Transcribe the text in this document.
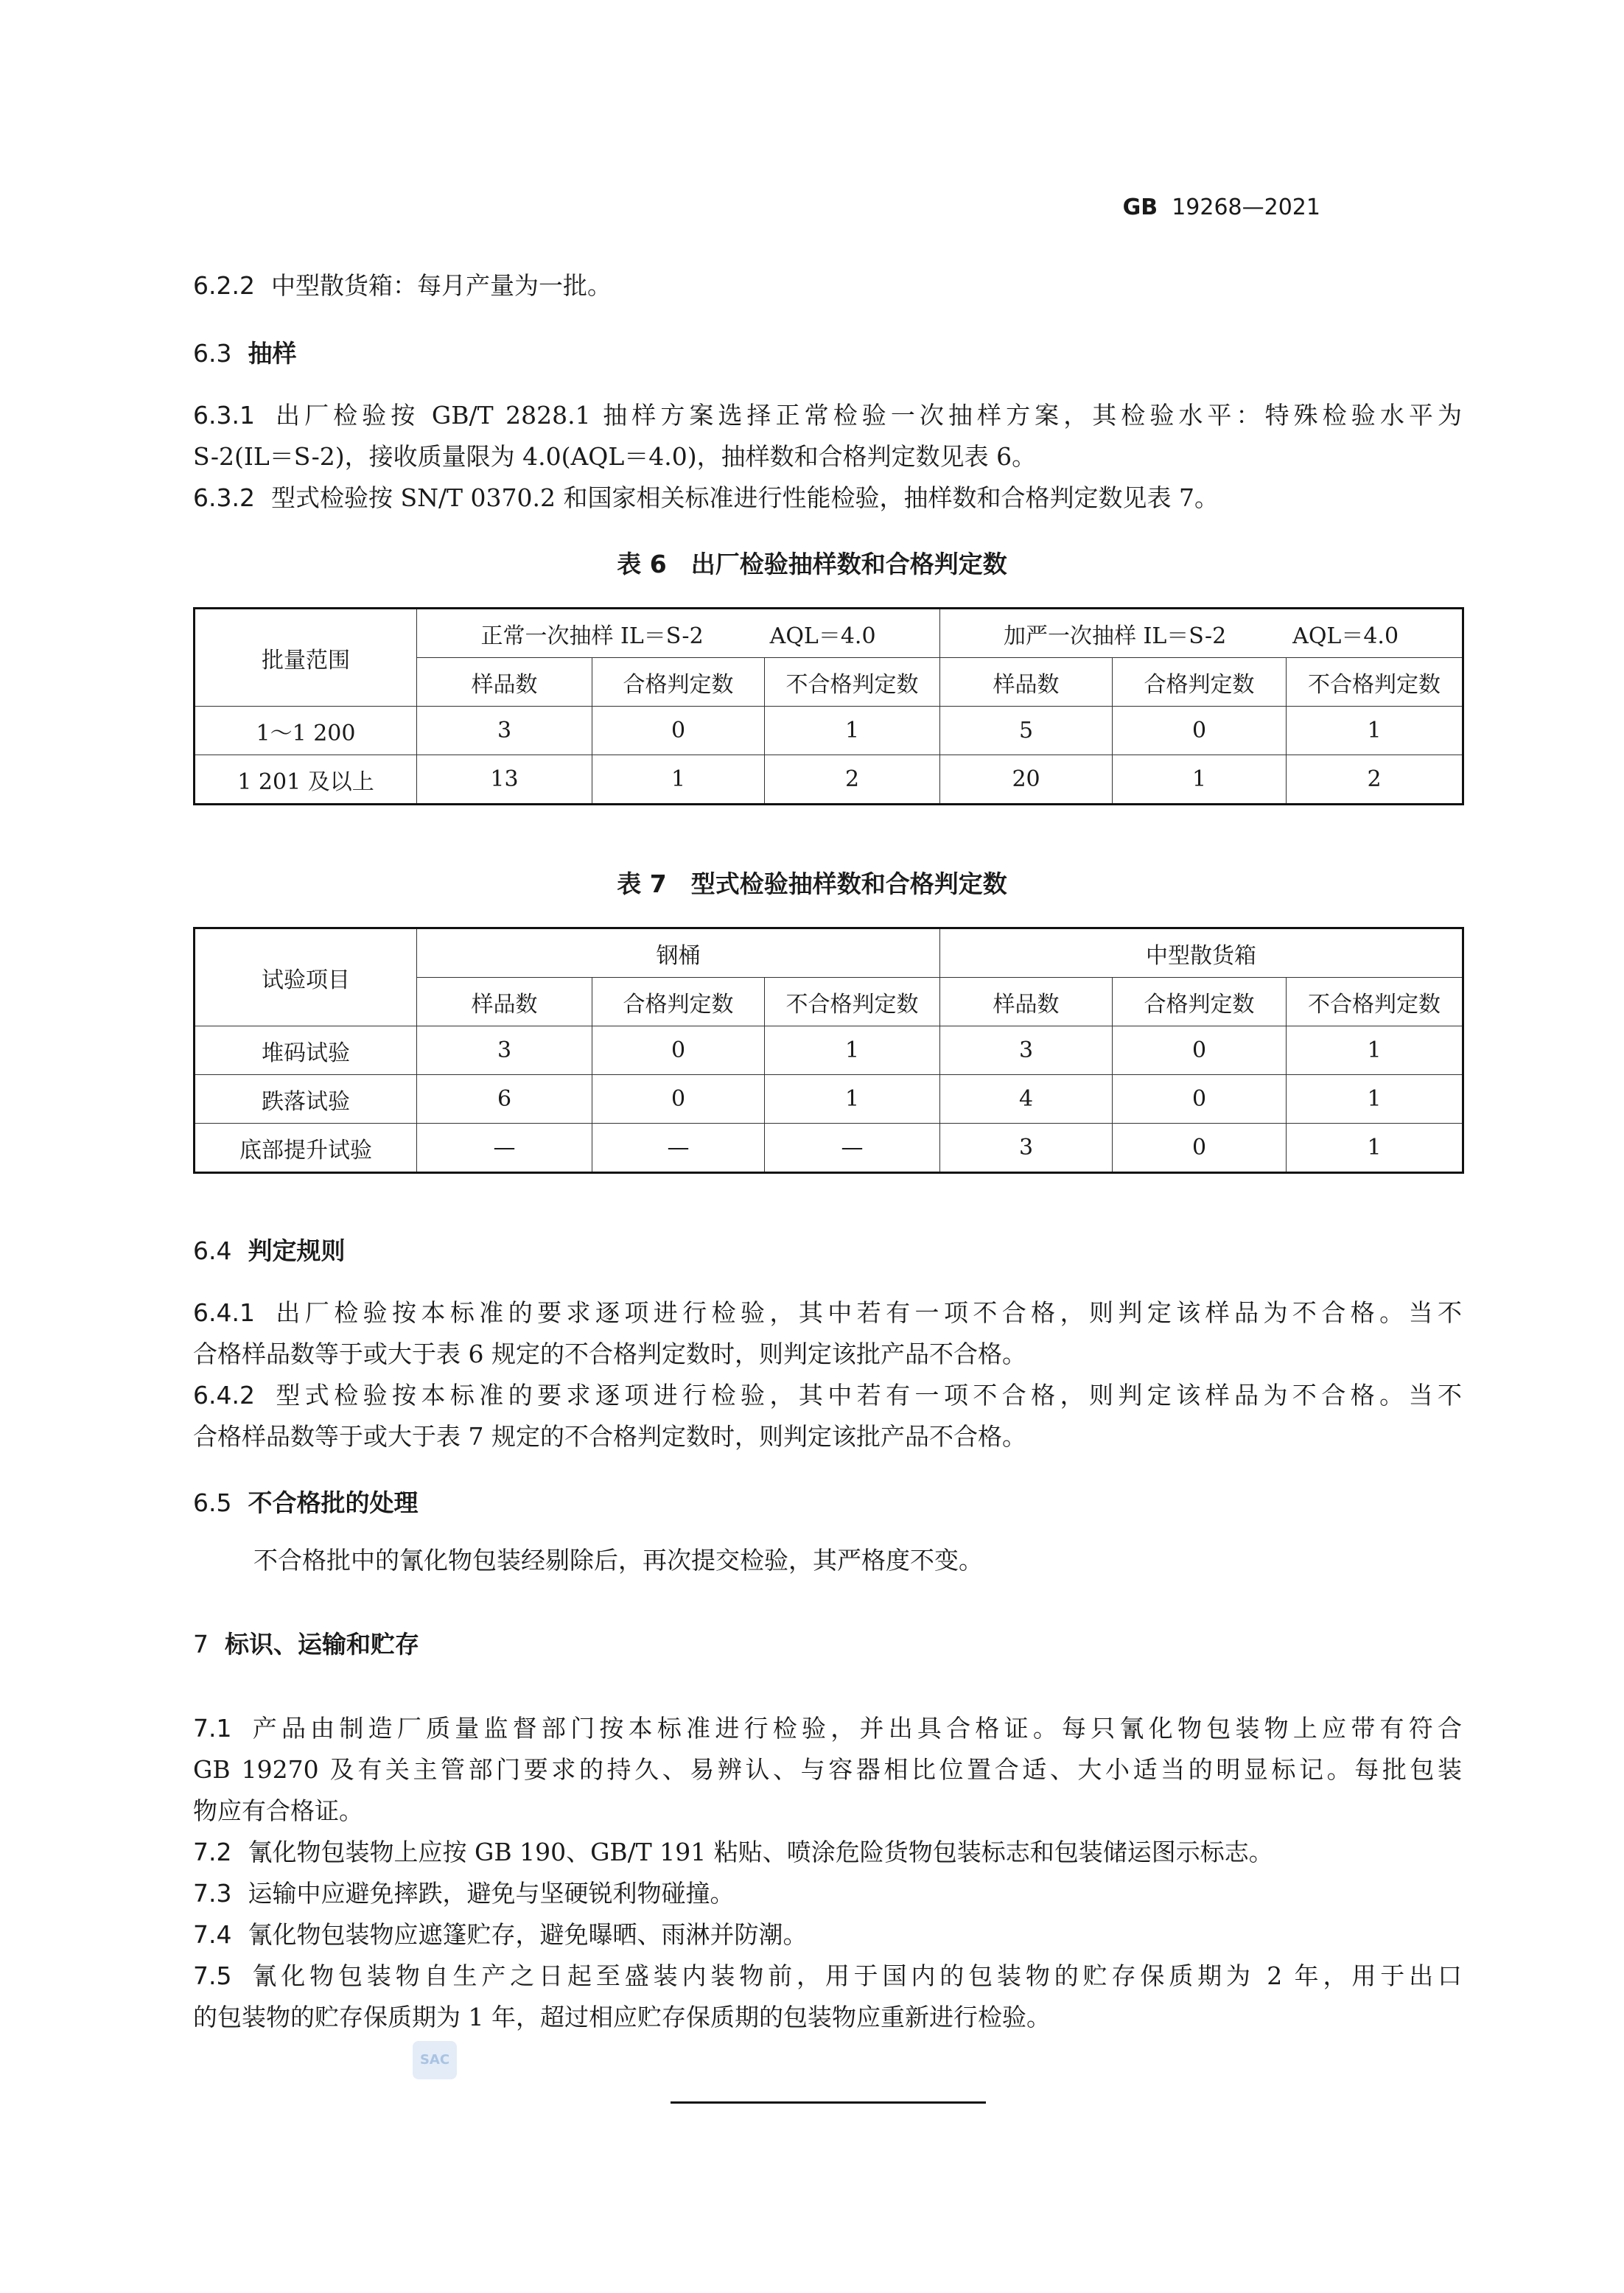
GB 19268—2021
6.2.2 中型散货箱：每月产量为一批。
6.3 抽样
6.3.1 出厂检验按 GB/T 2828.1 抽样方案选择正常检验一次抽样方案，其检验水平：特殊检验水平为
S-2(IL＝S-2)，接收质量限为 4.0(AQL＝4.0)，抽样数和合格判定数见表 6。
6.3.2 型式检验按 SN/T 0370.2 和国家相关标准进行性能检验，抽样数和合格判定数见表 7。
表 6　出厂检验抽样数和合格判定数
批量范围	正常一次抽样 IL＝S-2　　　AQL＝4.0			加严一次抽样 IL＝S-2　　　AQL＝4.0		
	样品数	合格判定数	不合格判定数	样品数	合格判定数	不合格判定数
1～1 200	3	0	1	5	0	1
1 201 及以上	13	1	2	20	1	2
表 7　型式检验抽样数和合格判定数
试验项目	钢桶			中型散货箱		
	样品数	合格判定数	不合格判定数	样品数	合格判定数	不合格判定数
堆码试验	3	0	1	3	0	1
跌落试验	6	0	1	4	0	1
底部提升试验	—	—	—	3	0	1
6.4 判定规则
6.4.1 出厂检验按本标准的要求逐项进行检验，其中若有一项不合格，则判定该样品为不合格。当不
合格样品数等于或大于表 6 规定的不合格判定数时，则判定该批产品不合格。
6.4.2 型式检验按本标准的要求逐项进行检验，其中若有一项不合格，则判定该样品为不合格。当不
合格样品数等于或大于表 7 规定的不合格判定数时，则判定该批产品不合格。
6.5 不合格批的处理
不合格批中的氰化物包装经剔除后，再次提交检验，其严格度不变。
7 标识、运输和贮存
7.1 产品由制造厂质量监督部门按本标准进行检验，并出具合格证。每只氰化物包装物上应带有符合
GB 19270 及有关主管部门要求的持久、易辨认、与容器相比位置合适、大小适当的明显标记。每批包装
物应有合格证。
7.2 氰化物包装物上应按 GB 190、GB/T 191 粘贴、喷涂危险货物包装标志和包装储运图示标志。
7.3 运输中应避免摔跌，避免与坚硬锐利物碰撞。
7.4 氰化物包装物应遮篷贮存，避免曝晒、雨淋并防潮。
7.5 氰化物包装物自生产之日起至盛装内装物前，用于国内的包装物的贮存保质期为 2 年，用于出口
的包装物的贮存保质期为 1 年，超过相应贮存保质期的包装物应重新进行检验。
SAC
